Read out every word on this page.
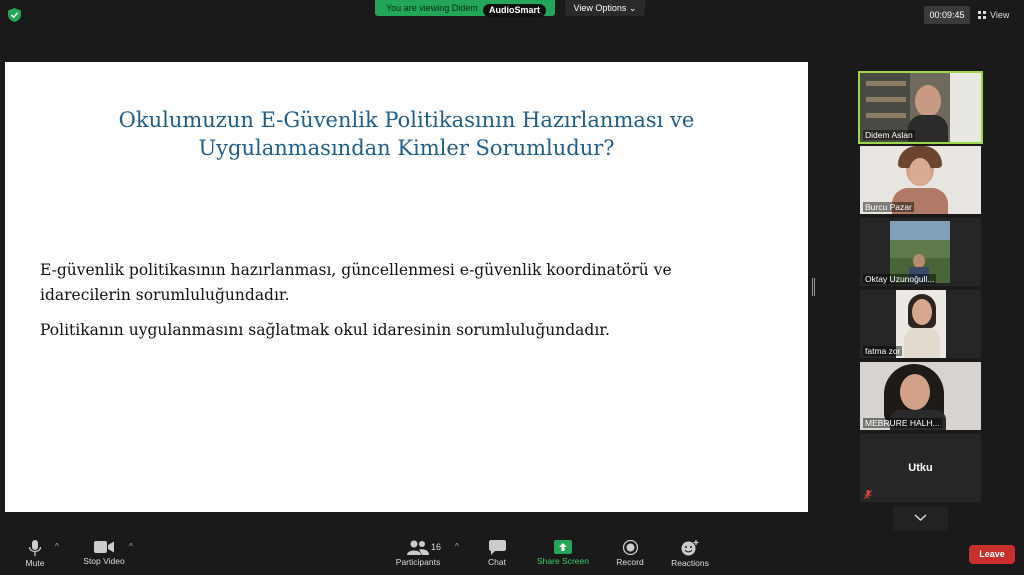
You are viewing Didem	AudioSmart	View Options ⌄
00:09:45	View
Okulumuzun E-Güvenlik Politikasının Hazırlanması ve
Uygulanmasından Kimler Sorumludur?

E-güvenlik politikasının hazırlanması, güncellenmesi e-güvenlik koordinatörü ve
idarecilerin sorumluluğundadır.

Politikanın uygulanmasını sağlatmak okul idaresinin sorumluluğundadır.

Didem Aslan
Burcu Pazar
Oktay Uzunoğull...
fatma zor
MEBRURE HALH...
Utku
Mute
^
Stop Video
^
Participants
16 ^
Chat	Share Screen	Record	Reactions
Leave
